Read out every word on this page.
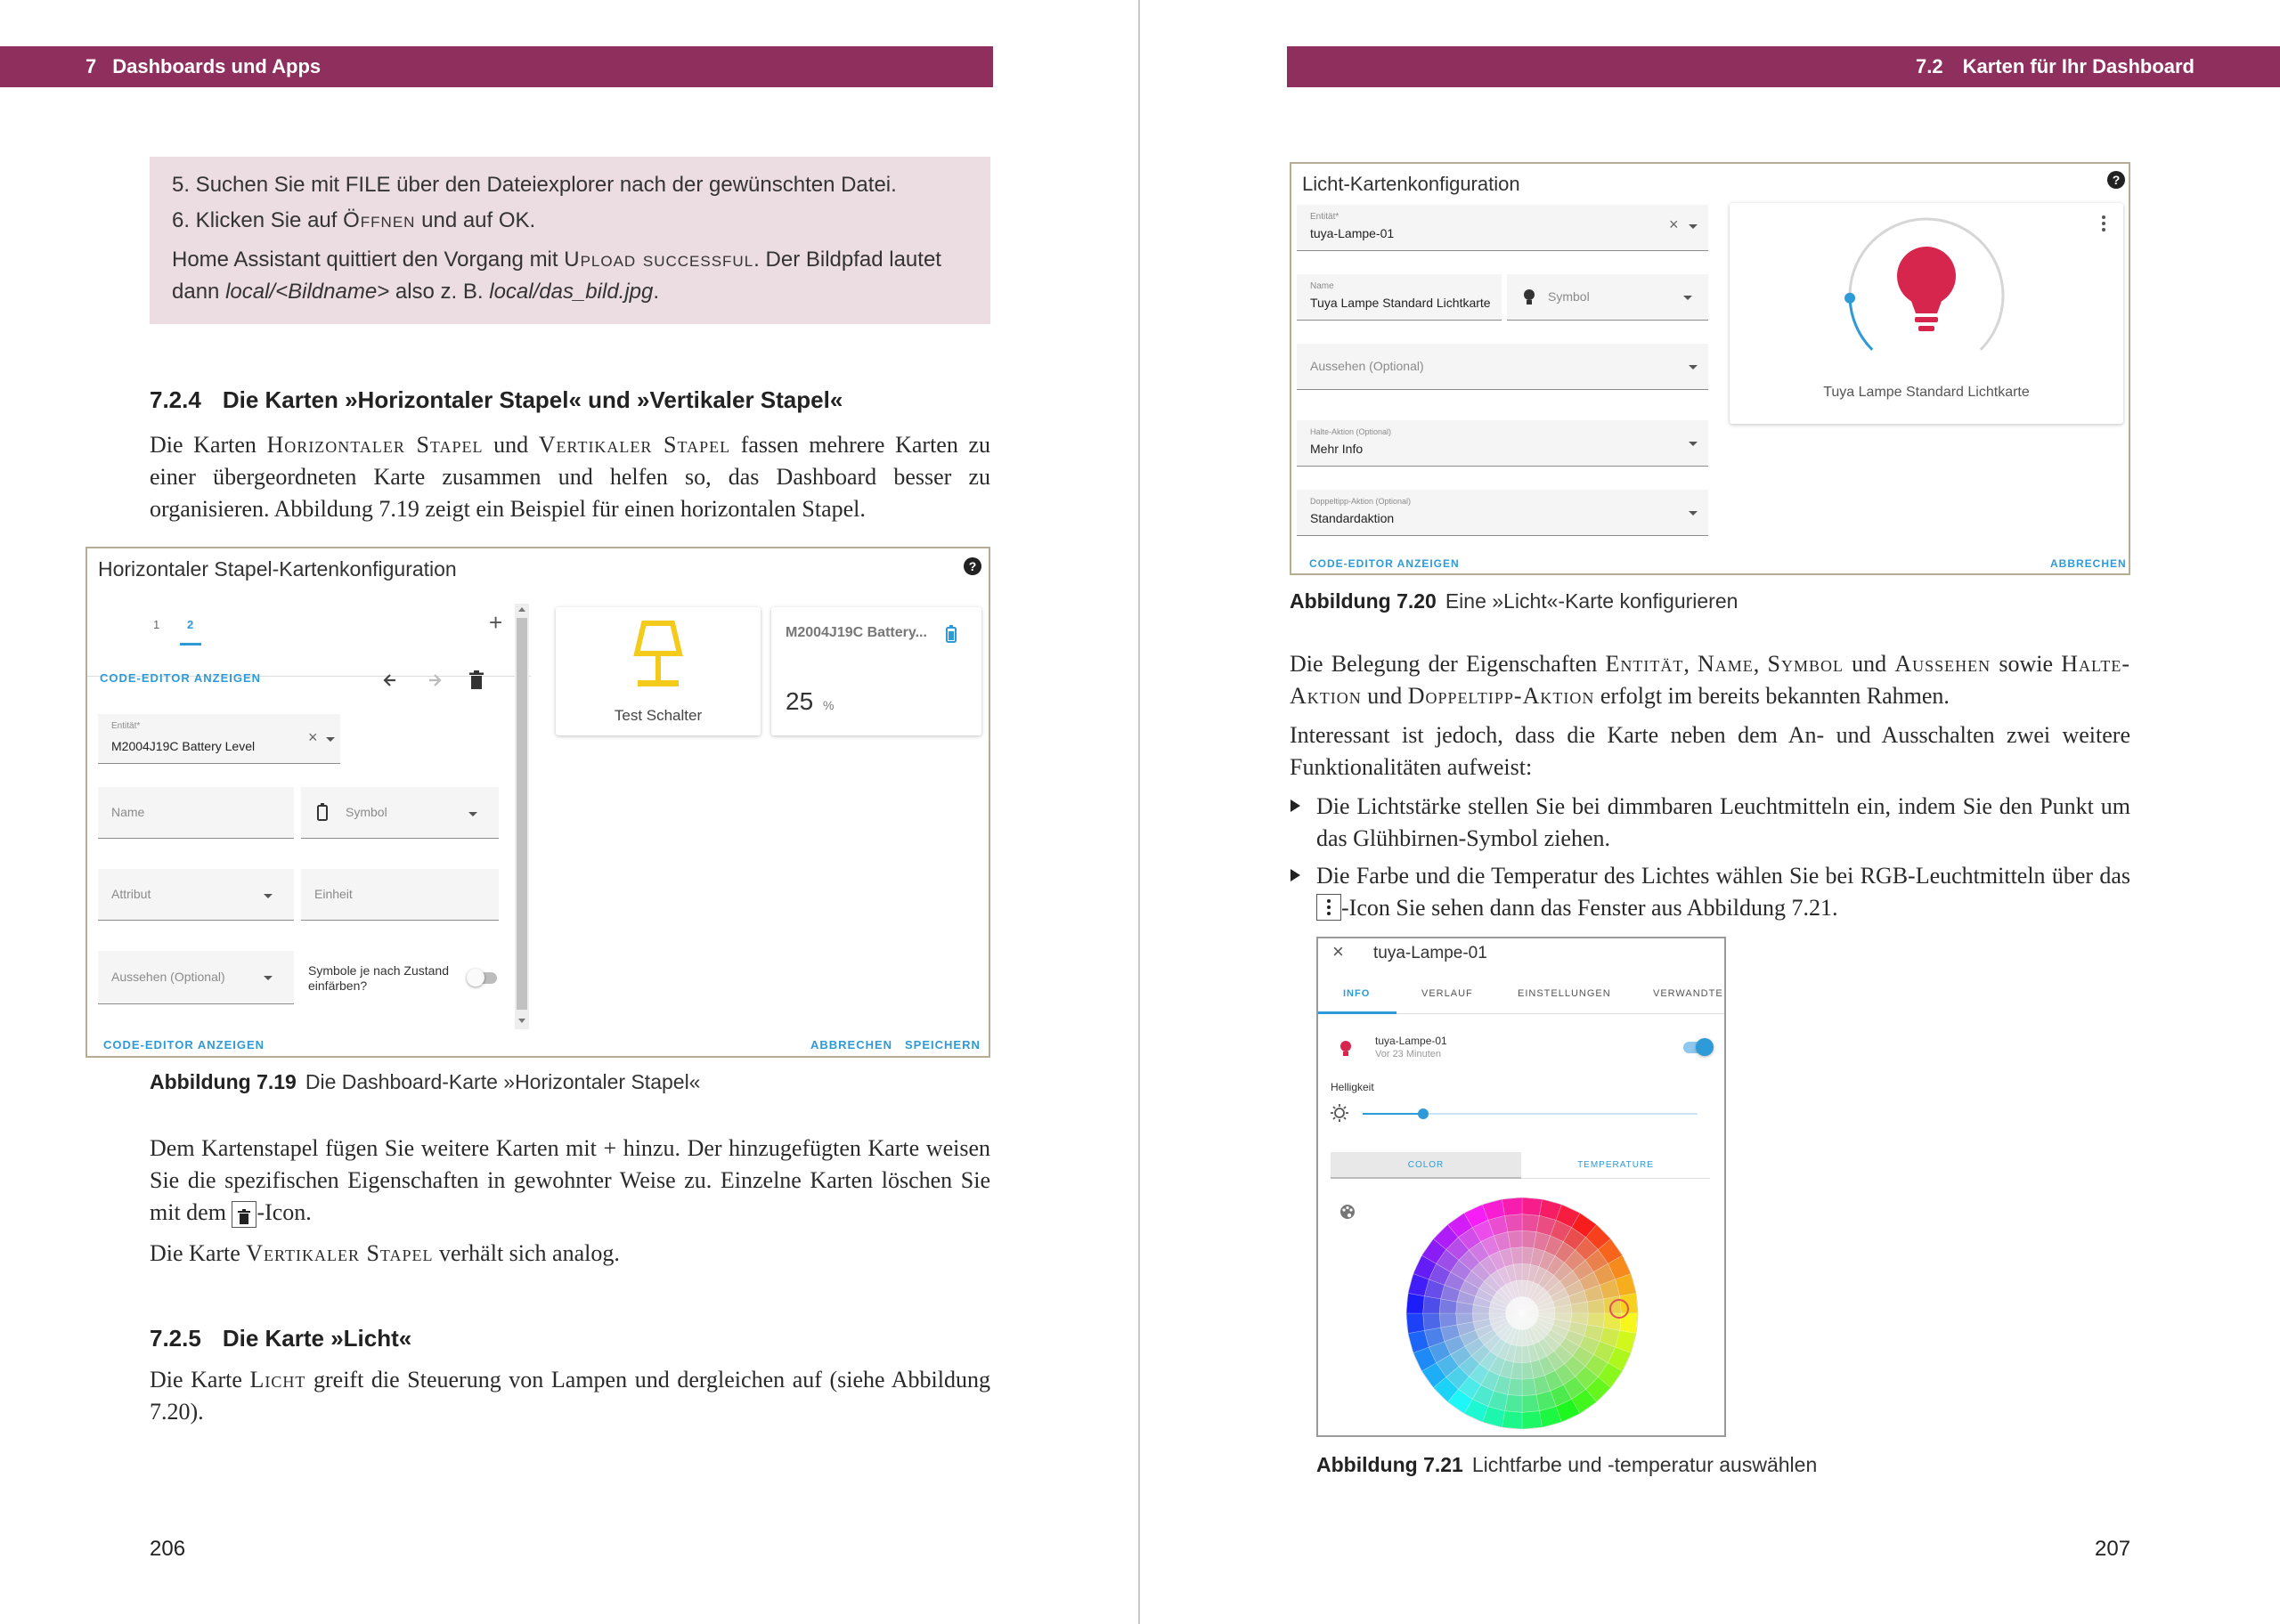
7 Dashboards und Apps
5. Suchen Sie mit FILE über den Dateiexplorer nach der gewünschten Datei.
6. Klicken Sie auf Öffnen und auf OK.
Home Assistant quittiert den Vorgang mit Upload successful. Der Bildpfad lautet dann local/<Bildname> also z. B. local/das_bild.jpg.
7.2.4 Die Karten »Horizontaler Stapel« und »Vertikaler Stapel«
Die Karten Horizontaler Stapel und Vertikaler Stapel fassen mehrere Karten zu einer übergeordneten Karte zusammen und helfen so, das Dashboard besser zu organisieren. Abbildung 7.19 zeigt ein Beispiel für einen horizontalen Stapel.
Horizontaler Stapel-Kartenkonfiguration	?
1 2	+
CODE-EDITOR ANZEIGEN
Entität*
M2004J19C Battery Level	×
Name	Symbol
Attribut	Einheit
Aussehen (Optional)	Symbole je nach Zustand
einfärben?
Test Schalter
M2004J19C Battery...
25 %
CODE-EDITOR ANZEIGEN	ABBRECHEN SPEICHERN
Abbildung 7.19 Die Dashboard-Karte »Horizontaler Stapel«
Dem Kartenstapel fügen Sie weitere Karten mit + hinzu. Der hinzugefügten Karte weisen Sie die spezifischen Eigenschaften in gewohnter Weise zu. Einzelne Karten löschen Sie mit dem -Icon.
Die Karte Vertikaler Stapel verhält sich analog.
7.2.5 Die Karte »Licht«
Die Karte Licht greift die Steuerung von Lampen und dergleichen auf (siehe Abbildung 7.20).
206
7.2 Karten für Ihr Dashboard
Licht-Kartenkonfiguration	?
Entität*
tuya-Lampe-01	×
Name
Tuya Lampe Standard Lichtkarte	Symbol
Aussehen (Optional)
Halte-Aktion (Optional)
Mehr Info
Doppeltipp-Aktion (Optional)
Standardaktion
Tuya Lampe Standard Lichtkarte
CODE-EDITOR ANZEIGEN	ABBRECHEN
Abbildung 7.20 Eine »Licht«-Karte konfigurieren
Die Belegung der Eigenschaften Entität, Name, Symbol und Aussehen sowie Halte-Aktion und Doppeltipp-Aktion erfolgt im bereits bekannten Rahmen.
Interessant ist jedoch, dass die Karte neben dem An- und Ausschalten zwei weitere Funktionalitäten aufweist:
Die Lichtstärke stellen Sie bei dimmbaren Leuchtmitteln ein, indem Sie den Punkt um das Glühbirnen-Symbol ziehen.
Die Farbe und die Temperatur des Lichtes wählen Sie bei RGB-Leuchtmitteln über das
-Icon Sie sehen dann das Fenster aus Abbildung 7.21.
× tuya-Lampe-01
INFO	VERLAUF	EINSTELLUNGEN	VERWANDTE
tuya-Lampe-01
Vor 23 Minuten
Helligkeit
COLOR	TEMPERATURE
Abbildung 7.21 Lichtfarbe und -temperatur auswählen
207
